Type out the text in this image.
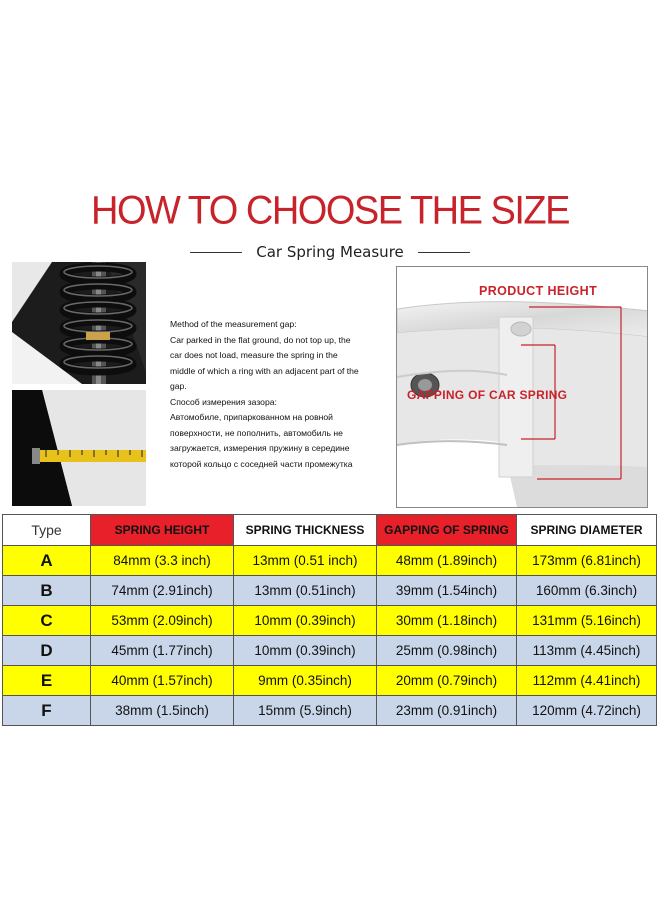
HOW TO CHOOSE THE SIZE
Car Spring Measure
Method of the measurement gap:
Car parked in the flat ground, do not top up, the
car does not load, measure the spring in the
middle of which a ring with an adjacent part of the
gap.
Способ измерения зазора:
Автомобиле, припаркованном на ровной
поверхности, не пополнить, автомобиль не
загружается, измерения пружину в середине
которой кольцо с соседней части промежутка
PRODUCT HEIGHT
GAPPING OF CAR SPRING
Type	SPRING HEIGHT	SPRING THICKNESS	GAPPING OF SPRING	SPRING DIAMETER
A	84mm (3.3 inch)	13mm (0.51 inch)	48mm (1.89inch)	173mm (6.81inch)
B	74mm (2.91inch)	13mm (0.51inch)	39mm (1.54inch)	160mm (6.3inch)
C	53mm (2.09inch)	10mm (0.39inch)	30mm (1.18inch)	131mm (5.16inch)
D	45mm (1.77inch)	10mm (0.39inch)	25mm (0.98inch)	113mm (4.45inch)
E	40mm (1.57inch)	9mm (0.35inch)	20mm (0.79inch)	112mm (4.41inch)
F	38mm (1.5inch)	15mm (5.9inch)	23mm (0.91inch)	120mm (4.72inch)
